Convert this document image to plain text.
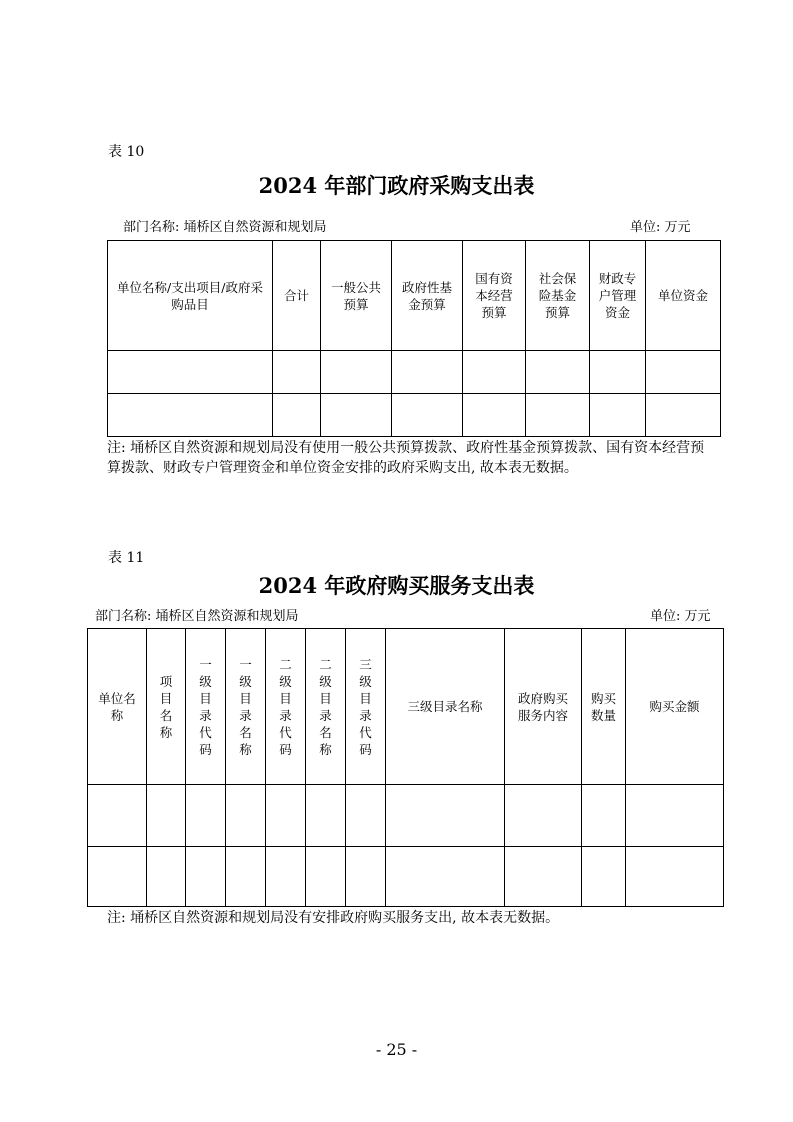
表 10
2024 年部门政府采购支出表
部门名称: 埇桥区自然资源和规划局	单位: 万元
单位名称/支出项目/政府采购品目	合计	一般公共预算	政府性基金预算	国有资本经营预算	社会保险基金预算	财政专户管理资金	单位资金

注: 埇桥区自然资源和规划局没有使用一般公共预算拨款、政府性基金预算拨款、国有资本经营预算拨款、财政专户管理资金和单位资金安排的政府采购支出, 故本表无数据。
表 11
2024 年政府购买服务支出表
部门名称: 埇桥区自然资源和规划局	单位: 万元
单位名称	项目名称	一级目录代码	一级目录名称	二级目录代码	二级目录名称	三级目录代码	三级目录名称	政府购买服务内容	购买数量	购买金额

注: 埇桥区自然资源和规划局没有安排政府购买服务支出, 故本表无数据。
- 25 -
